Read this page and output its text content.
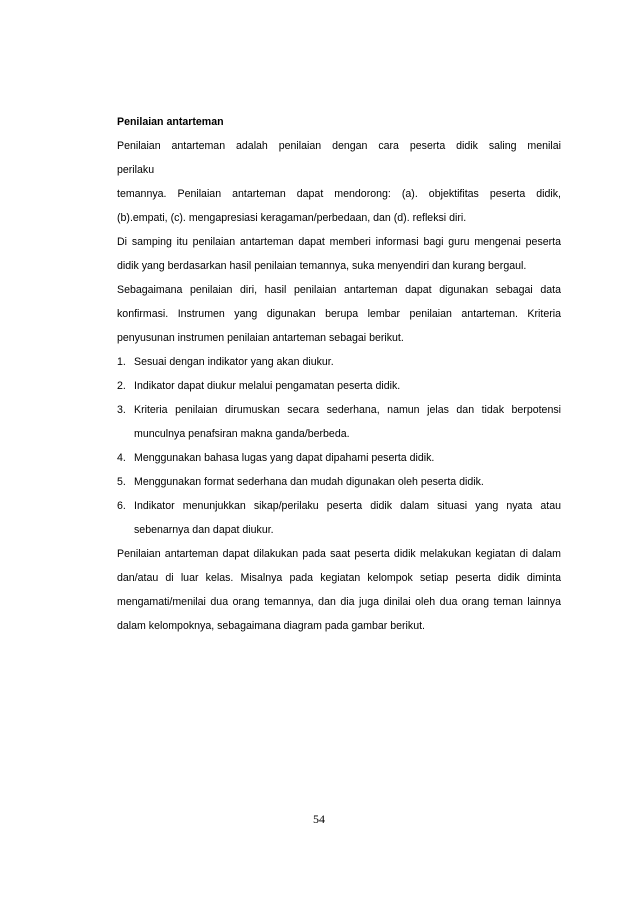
Penilaian antarteman

Penilaian antarteman adalah penilaian dengan cara peserta didik saling menilai

perilaku

temannya. Penilaian antarteman dapat mendorong: (a). objektifitas peserta didik,

(b).empati, (c). mengapresiasi keragaman/perbedaan, dan (d). refleksi diri.

Di samping itu penilaian antarteman dapat memberi informasi bagi guru mengenai peserta didik yang berdasarkan hasil penilaian temannya, suka menyendiri dan kurang bergaul.

Sebagaimana penilaian diri, hasil penilaian antarteman dapat digunakan sebagai data konfirmasi. Instrumen yang digunakan berupa lembar penilaian antarteman. Kriteria penyusunan instrumen penilaian antarteman sebagai berikut.

1. Sesuai dengan indikator yang akan diukur.
2. Indikator dapat diukur melalui pengamatan peserta didik.
3. Kriteria penilaian dirumuskan secara sederhana, namun jelas dan tidak berpotensi munculnya penafsiran makna ganda/berbeda.
4. Menggunakan bahasa lugas yang dapat dipahami peserta didik.
5. Menggunakan format sederhana dan mudah digunakan oleh peserta didik.
6. Indikator menunjukkan sikap/perilaku peserta didik dalam situasi yang nyata atau sebenarnya dan dapat diukur.

Penilaian antarteman dapat dilakukan pada saat peserta didik melakukan kegiatan di dalam dan/atau di luar kelas. Misalnya pada kegiatan kelompok setiap peserta didik diminta mengamati/menilai dua orang temannya, dan dia juga dinilai oleh dua orang teman lainnya dalam kelompoknya, sebagaimana diagram pada gambar berikut.

54
